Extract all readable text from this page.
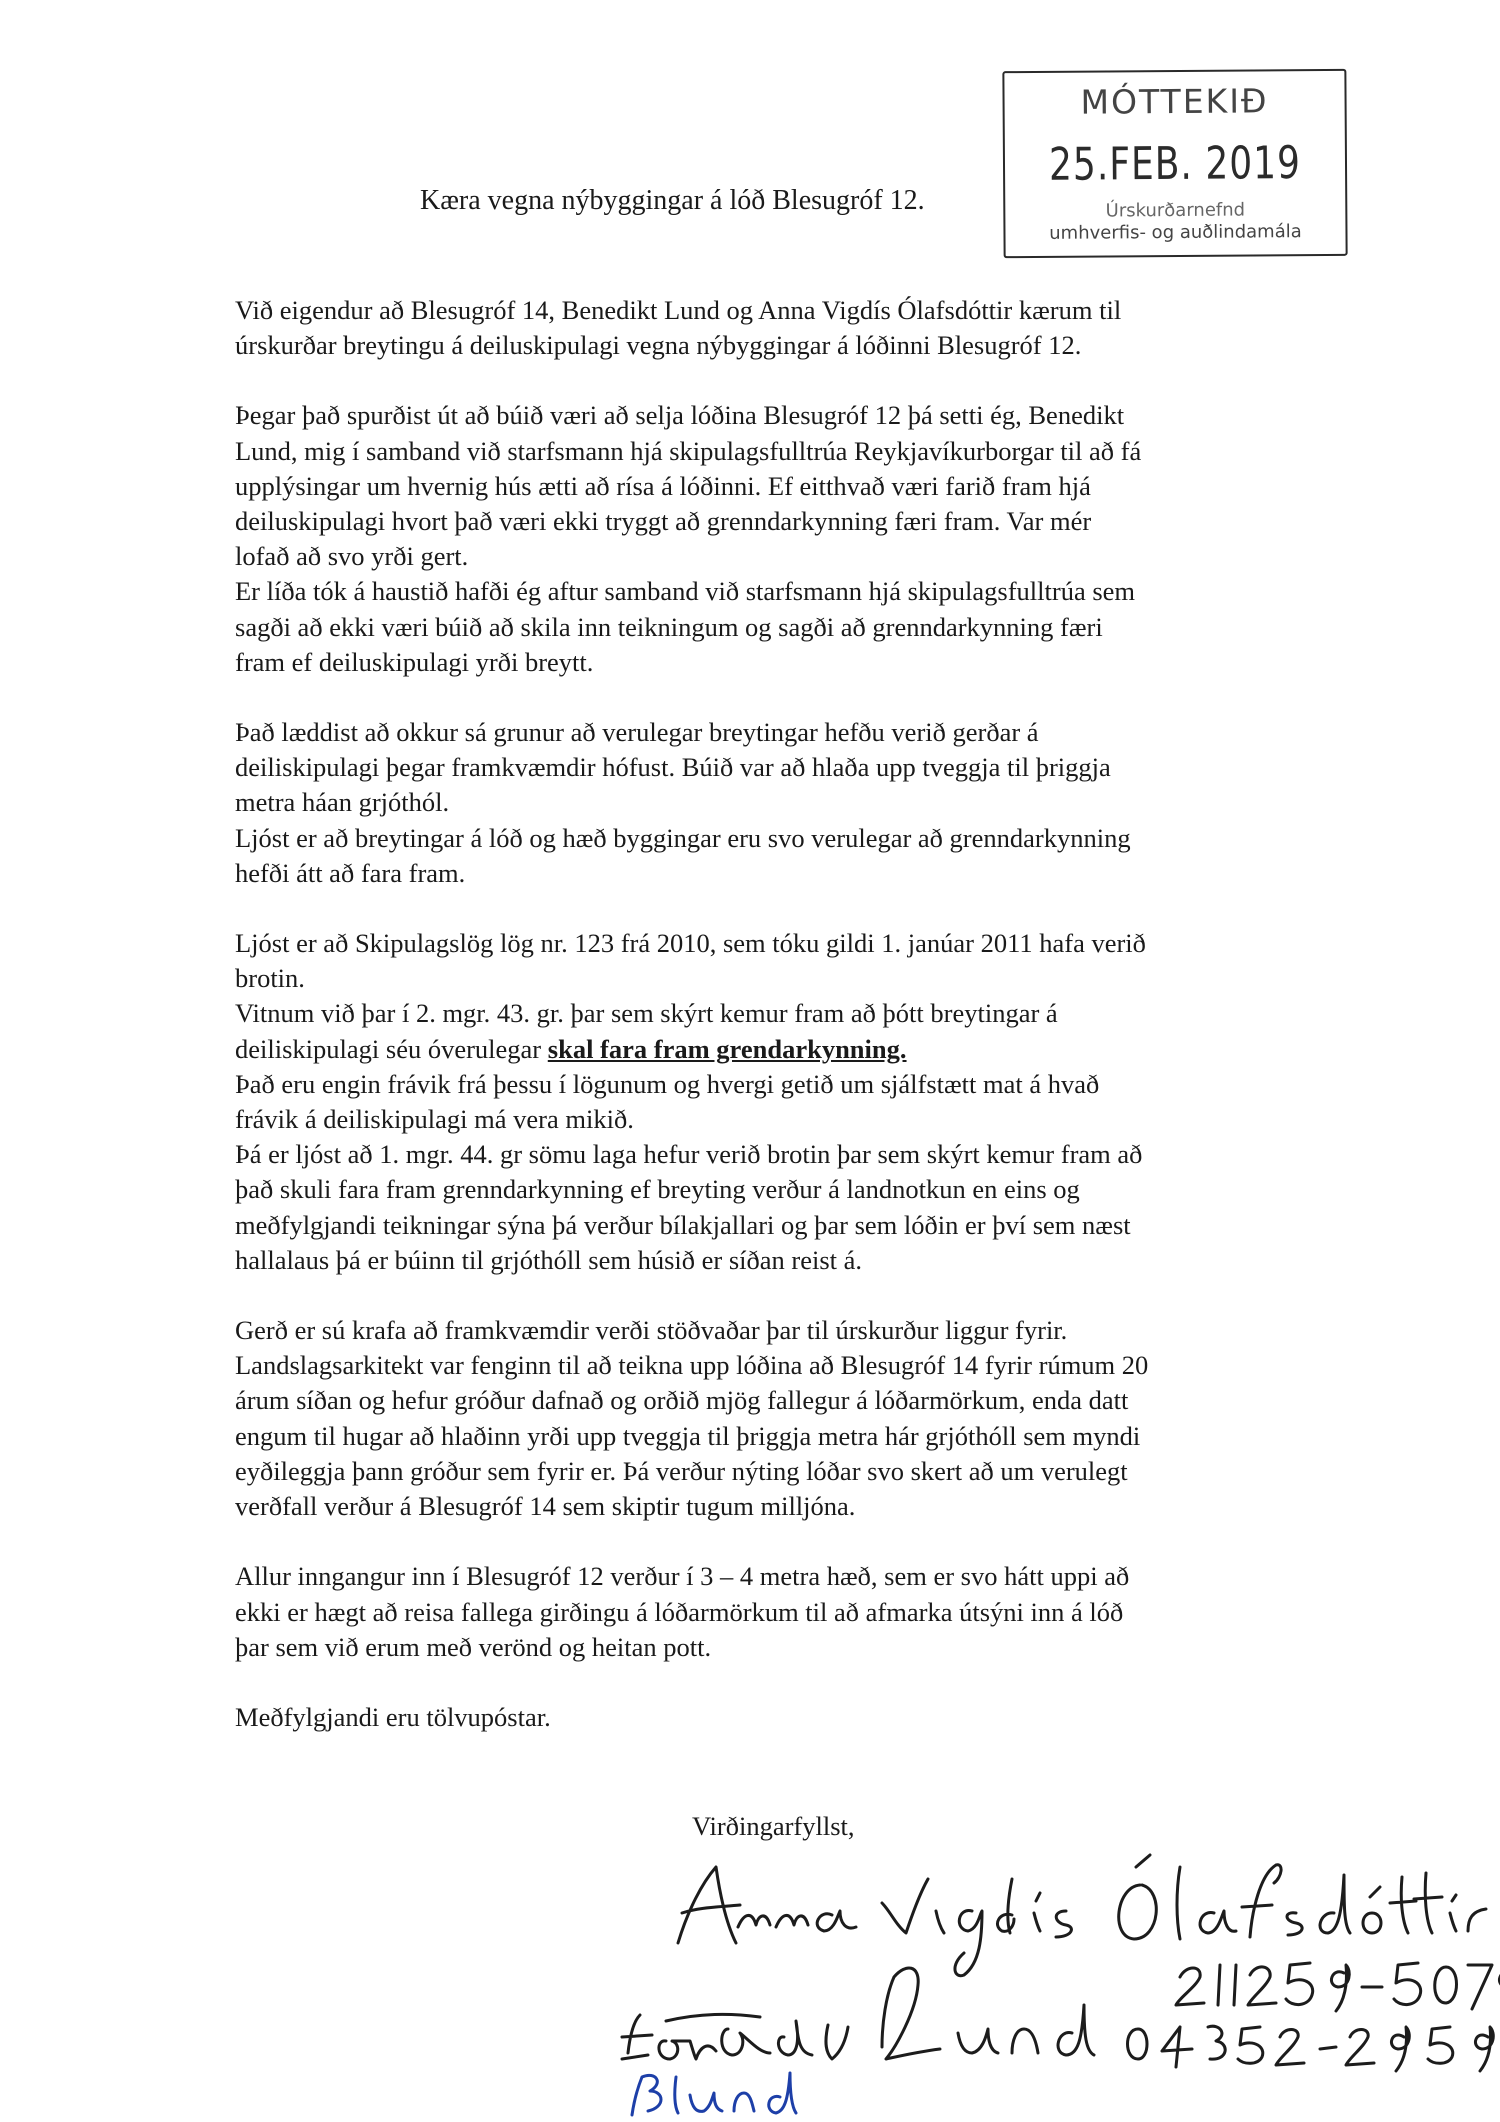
MÓTTEKIÐ
25.FEB. 2019
Úrskurðarnefnd
umhverfis- og auðlindamála
Kæra vegna nýbyggingar á lóð Blesugróf 12.
Við eigendur að Blesugróf 14, Benedikt Lund og Anna Vigdís Ólafsdóttir kærum til
úrskurðar breytingu á deiluskipulagi vegna nýbyggingar á lóðinni Blesugróf 12.
Þegar það spurðist út að búið væri að selja lóðina Blesugróf 12 þá setti ég, Benedikt
Lund, mig í samband við starfsmann hjá skipulagsfulltrúa Reykjavíkurborgar til að fá
upplýsingar um hvernig hús ætti að rísa á lóðinni. Ef eitthvað væri farið fram hjá
deiluskipulagi hvort það væri ekki tryggt að grenndarkynning færi fram. Var mér
lofað að svo yrði gert.
Er líða tók á haustið hafði ég aftur samband við starfsmann hjá skipulagsfulltrúa sem
sagði að ekki væri búið að skila inn teikningum og sagði að grenndarkynning færi
fram ef deiluskipulagi yrði breytt.
Það læddist að okkur sá grunur að verulegar breytingar hefðu verið gerðar á
deiliskipulagi þegar framkvæmdir hófust. Búið var að hlaða upp tveggja til þriggja
metra háan grjóthól.
Ljóst er að breytingar á lóð og hæð byggingar eru svo verulegar að grenndarkynning
hefði átt að fara fram.
Ljóst er að Skipulagslög lög nr. 123 frá 2010, sem tóku gildi 1. janúar 2011 hafa verið
brotin.
Vitnum við þar í 2. mgr. 43. gr. þar sem skýrt kemur fram að þótt breytingar á
deiliskipulagi séu óverulegar skal fara fram grendarkynning.
Það eru engin frávik frá þessu í lögunum og hvergi getið um sjálfstætt mat á hvað
frávik á deiliskipulagi má vera mikið.
Þá er ljóst að 1. mgr. 44. gr sömu laga hefur verið brotin þar sem skýrt kemur fram að
það skuli fara fram grenndarkynning ef breyting verður á landnotkun en eins og
meðfylgjandi teikningar sýna þá verður bílakjallari og þar sem lóðin er því sem næst
hallalaus þá er búinn til grjóthóll sem húsið er síðan reist á.
Gerð er sú krafa að framkvæmdir verði stöðvaðar þar til úrskurður liggur fyrir.
Landslagsarkitekt var fenginn til að teikna upp lóðina að Blesugróf 14 fyrir rúmum 20
árum síðan og hefur gróður dafnað og orðið mjög fallegur á lóðarmörkum, enda datt
engum til hugar að hlaðinn yrði upp tveggja til þriggja metra hár grjóthóll sem myndi
eyðileggja þann gróður sem fyrir er. Þá verður nýting lóðar svo skert að um verulegt
verðfall verður á Blesugróf 14 sem skiptir tugum milljóna.
Allur inngangur inn í Blesugróf 12 verður í 3 – 4 metra hæð, sem er svo hátt uppi að
ekki er hægt að reisa fallega girðingu á lóðarmörkum til að afmarka útsýni inn á lóð
þar sem við erum með verönd og heitan pott.
Meðfylgjandi eru tölvupóstar.
Virðingarfyllst,
